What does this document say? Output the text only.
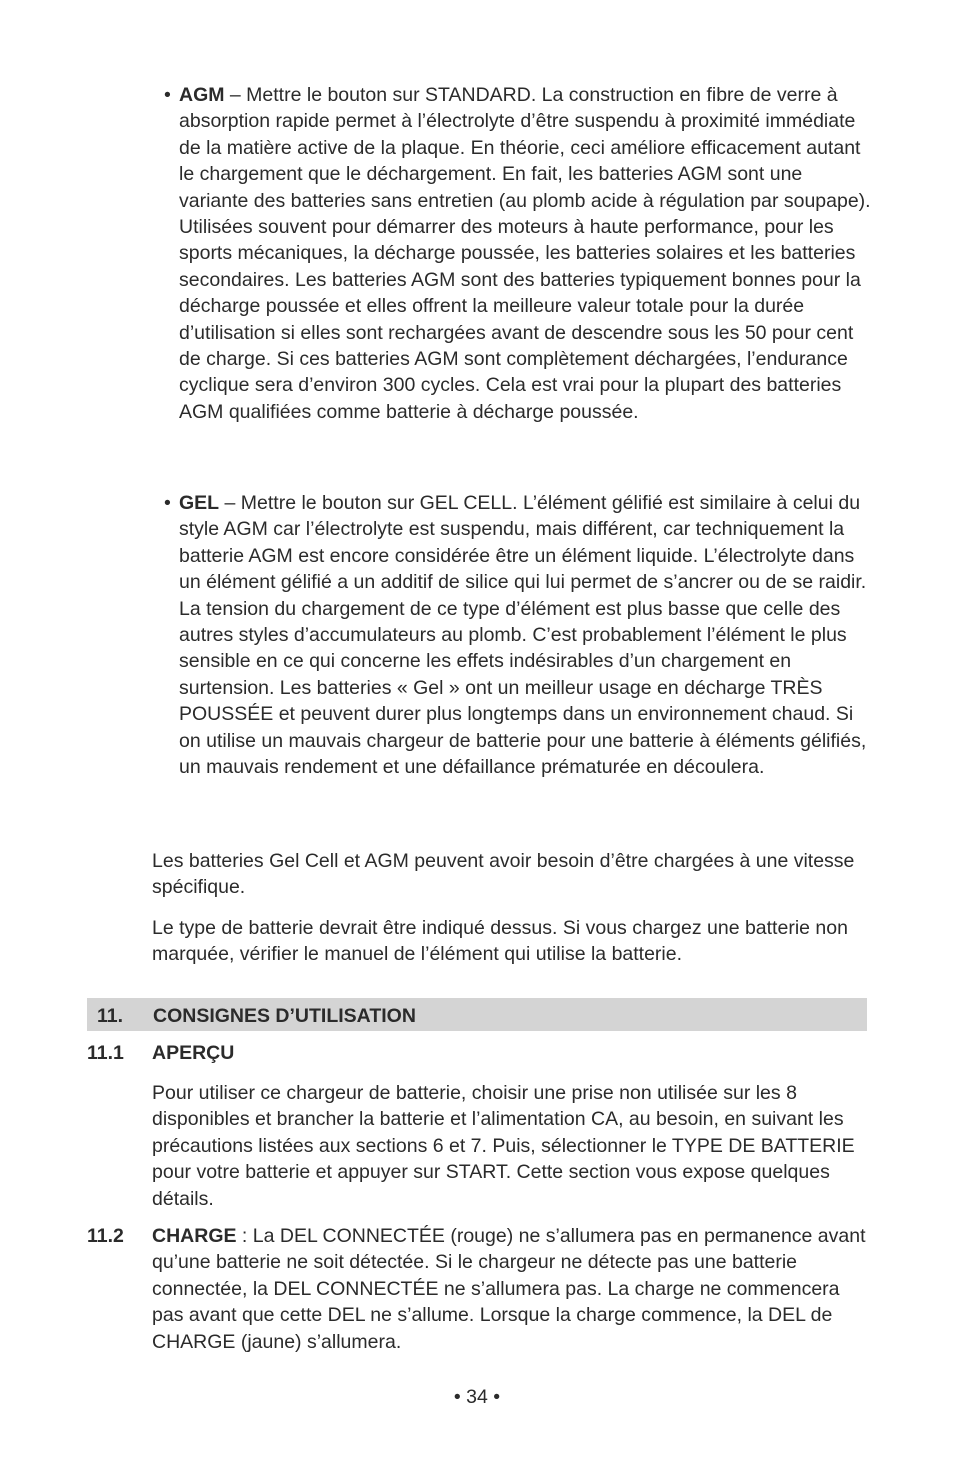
• AGM – Mettre le bouton sur STANDARD. La construction en fibre de verre à absorption rapide permet à l’électrolyte d’être suspendu à proximité immédiate de la matière active de la plaque. En théorie, ceci améliore efficacement autant le chargement que le déchargement. En fait, les batteries AGM sont une variante des batteries sans entretien (au plomb acide à régulation par soupape). Utilisées souvent pour démarrer des moteurs à haute performance, pour les sports mécaniques, la décharge poussée, les batteries solaires et les batteries secondaires. Les batteries AGM sont des batteries typiquement bonnes pour la décharge poussée et elles offrent la meilleure valeur totale pour la durée d’utilisation si elles sont rechargées avant de descendre sous les 50 pour cent de charge. Si ces batteries AGM sont complètement déchargées, l’endurance cyclique sera d’environ 300 cycles. Cela est vrai pour la plupart des batteries AGM qualifiées comme batterie à décharge poussée.
• GEL – Mettre le bouton sur GEL CELL. L’élément gélifié est similaire à celui du style AGM car l’électrolyte est suspendu, mais différent, car techniquement la batterie AGM est encore considérée être un élément liquide. L’électrolyte dans un élément gélifié a un additif de silice qui lui permet de s’ancrer ou de se raidir. La tension du chargement de ce type d’élément est plus basse que celle des autres styles d’accumulateurs au plomb. C’est probablement l’élément le plus sensible en ce qui concerne les effets indésirables d’un chargement en surtension. Les batteries « Gel » ont un meilleur usage en décharge TRÈS POUSSÉE et peuvent durer plus longtemps dans un environnement chaud. Si on utilise un mauvais chargeur de batterie pour une batterie à éléments gélifiés, un mauvais rendement et une défaillance prématurée en découlera.
Les batteries Gel Cell et AGM peuvent avoir besoin d’être chargées à une vitesse spécifique.
Le type de batterie devrait être indiqué dessus. Si vous chargez une batterie non marquée, vérifier le manuel de l’élément qui utilise la batterie.
11. CONSIGNES D’UTILISATION
11.1 APERÇU
Pour utiliser ce chargeur de batterie, choisir une prise non utilisée sur les 8 disponibles et brancher la batterie et l’alimentation CA, au besoin, en suivant les précautions listées aux sections 6 et 7. Puis, sélectionner le TYPE DE BATTERIE pour votre batterie et appuyer sur START. Cette section vous expose quelques détails.
11.2 CHARGE : La DEL CONNECTÉE (rouge) ne s’allumera pas en permanence avant qu’une batterie ne soit détectée. Si le chargeur ne détecte pas une batterie connectée, la DEL CONNECTÉE ne s’allumera pas. La charge ne commencera pas avant que cette DEL ne s’allume. Lorsque la charge commence, la DEL de CHARGE (jaune) s’allumera.
• 34 •
